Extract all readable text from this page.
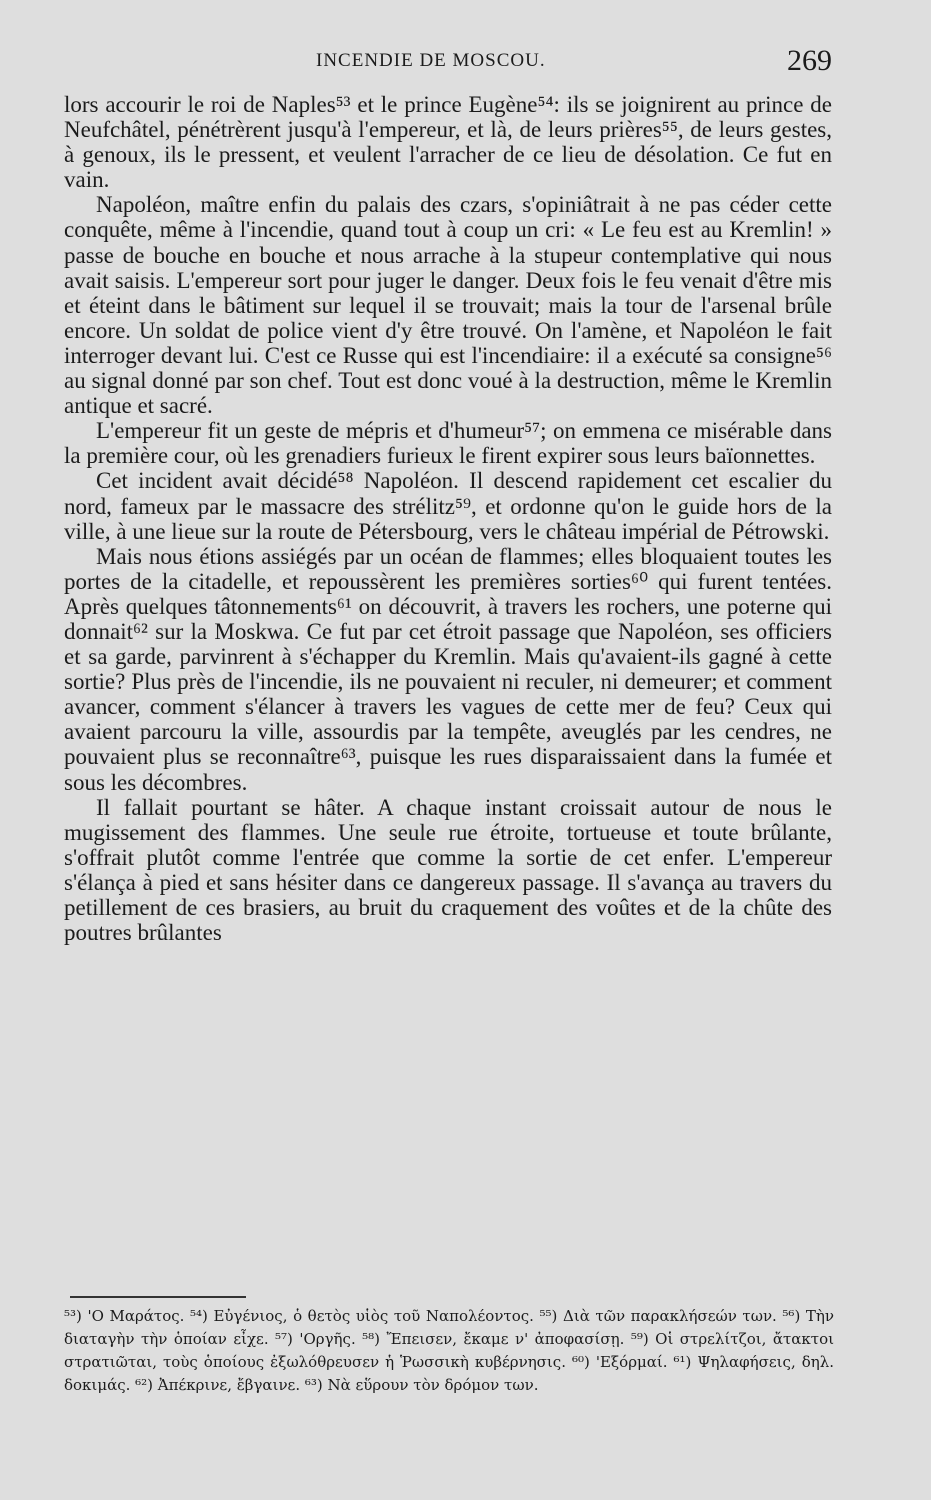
INCENDIE DE MOSCOU.	269

lors accourir le roi de Naples⁵³ et le prince Eugène⁵⁴: ils se joignirent au prince de Neufchâtel, pénétrèrent jusqu'à l'empereur, et là, de leurs prières⁵⁵, de leurs gestes, à genoux, ils le pressent, et veulent l'arracher de ce lieu de désolation. Ce fut en vain.

Napoléon, maître enfin du palais des czars, s'opiniâtrait à ne pas céder cette conquête, même à l'incendie, quand tout à coup un cri: « Le feu est au Kremlin! » passe de bouche en bouche et nous arrache à la stupeur contemplative qui nous avait saisis. L'empereur sort pour juger le danger. Deux fois le feu venait d'être mis et éteint dans le bâtiment sur lequel il se trouvait; mais la tour de l'arsenal brûle encore. Un soldat de police vient d'y être trouvé. On l'amène, et Napoléon le fait interroger devant lui. C'est ce Russe qui est l'incendiaire: il a exécuté sa consigne⁵⁶ au signal donné par son chef. Tout est donc voué à la destruction, même le Kremlin antique et sacré.

L'empereur fit un geste de mépris et d'humeur⁵⁷; on emmena ce misérable dans la première cour, où les grenadiers furieux le firent expirer sous leurs baïonnettes.

Cet incident avait décidé⁵⁸ Napoléon. Il descend rapidement cet escalier du nord, fameux par le massacre des strélitz⁵⁹, et ordonne qu'on le guide hors de la ville, à une lieue sur la route de Pétersbourg, vers le château impérial de Pétrowski.

Mais nous étions assiégés par un océan de flammes; elles bloquaient toutes les portes de la citadelle, et repoussèrent les premières sorties⁶⁰ qui furent tentées. Après quelques tâtonnements⁶¹ on découvrit, à travers les rochers, une poterne qui donnait⁶² sur la Moskwa. Ce fut par cet étroit passage que Napoléon, ses officiers et sa garde, parvinrent à s'échapper du Kremlin. Mais qu'avaient-ils gagné à cette sortie? Plus près de l'incendie, ils ne pouvaient ni reculer, ni demeurer; et comment avancer, comment s'élancer à travers les vagues de cette mer de feu? Ceux qui avaient parcouru la ville, assourdis par la tempête, aveuglés par les cendres, ne pouvaient plus se reconnaître⁶³, puisque les rues disparaissaient dans la fumée et sous les décombres.

Il fallait pourtant se hâter. A chaque instant croissait autour de nous le mugissement des flammes. Une seule rue étroite, tortueuse et toute brûlante, s'offrait plutôt comme l'entrée que comme la sortie de cet enfer. L'empereur s'élança à pied et sans hésiter dans ce dangereux passage. Il s'avança au travers du petillement de ces brasiers, au bruit du craquement des voûtes et de la chûte des poutres brûlantes

⁵³) 'Ο Μαράτος. ⁵⁴) Εὐγένιος, ὁ θετὸς υἱὸς τοῦ Ναπολέοντος. ⁵⁵) Διὰ τῶν παρακλήσεών των. ⁵⁶) Τὴν διαταγὴν τὴν ὁποίαν εἶχε. ⁵⁷) 'Οργῆς. ⁵⁸) Ἔπεισεν, ἔκαμε ν' ἀποφασίσῃ. ⁵⁹) Οἱ στρελίτζοι, ἄτακτοι στρατιῶται, τοὺς ὁποίους ἐξωλόθρευσεν ἡ Ῥωσσικὴ κυβέρνησις. ⁶⁰) 'Εξόρμαί. ⁶¹) Ψηλαφήσεις, δηλ. δοκιμάς. ⁶²) Ἀπέκρινε, ἔβγαινε. ⁶³) Νὰ εὕρουν τὸν δρόμον των.
